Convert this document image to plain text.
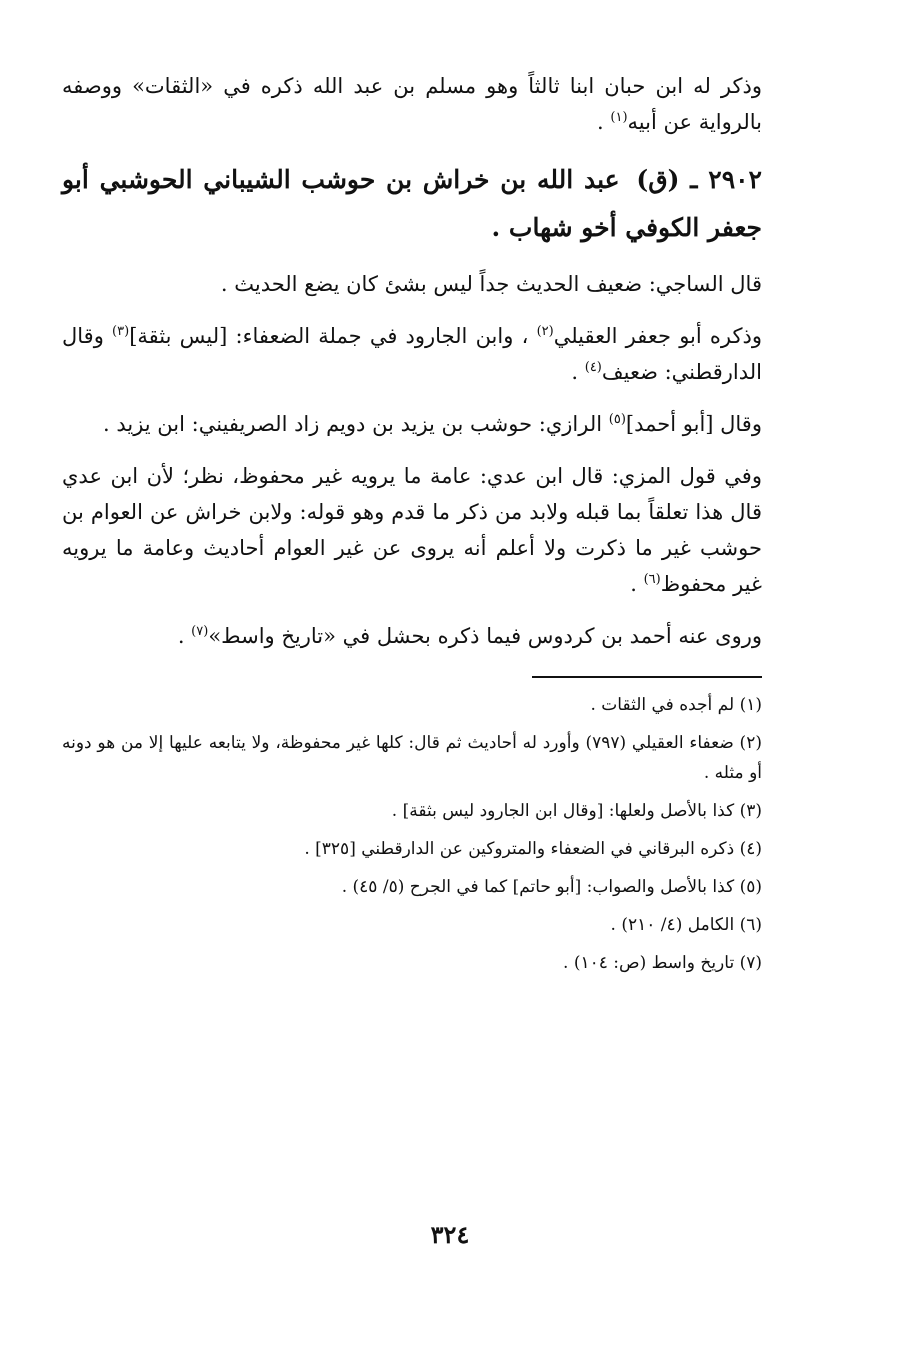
وذكر له ابن حبان ابنا ثالثاً وهو مسلم بن عبد الله ذكره في «الثقات» ووصفه بالرواية عن أبيه$^{(١)}$ .

٢٩٠٢ ـ (ق) عبد الله بن خراش بن حوشب الشيباني الحوشبي أبو جعفر الكوفي أخو شهاب .

قال الساجي: ضعيف الحديث جداً ليس بشئ كان يضع الحديث .

وذكره أبو جعفر العقيلي$^{(٢)}$ ، وابن الجارود في جملة الضعفاء: [ليس بثقة]$^{(٣)}$ وقال الدارقطني: ضعيف$^{(٤)}$ .

وقال [أبو أحمد]$^{(٥)}$ الرازي: حوشب بن يزيد بن دويم زاد الصريفيني: ابن يزيد .

وفي قول المزي: قال ابن عدي: عامة ما يرويه غير محفوظ، نظر؛ لأن ابن عدي قال هذا تعلقاً بما قبله ولابد من ذكر ما قدم وهو قوله: ولابن خراش عن العوام بن حوشب غير ما ذكرت ولا أعلم أنه يروى عن غير العوام أحاديث وعامة ما يرويه غير محفوظ$^{(٦)}$ .

وروى عنه أحمد بن كردوس فيما ذكره بحشل في «تاريخ واسط»$^{(٧)}$ .

(١) لم أجده في الثقات .

(٢) ضعفاء العقيلي (٧٩٧) وأورد له أحاديث ثم قال: كلها غير محفوظة، ولا يتابعه عليها إلا من هو دونه أو مثله .

(٣) كذا بالأصل ولعلها: [وقال ابن الجارود ليس بثقة] .

(٤) ذكره البرقاني في الضعفاء والمتروكين عن الدارقطني [٣٢٥] .

(٥) كذا بالأصل والصواب: [أبو حاتم] كما في الجرح (٥/ ٤٥) .

(٦) الكامل (٤/ ٢١٠) .

(٧) تاريخ واسط (ص: ١٠٤) .

٣٢٤
